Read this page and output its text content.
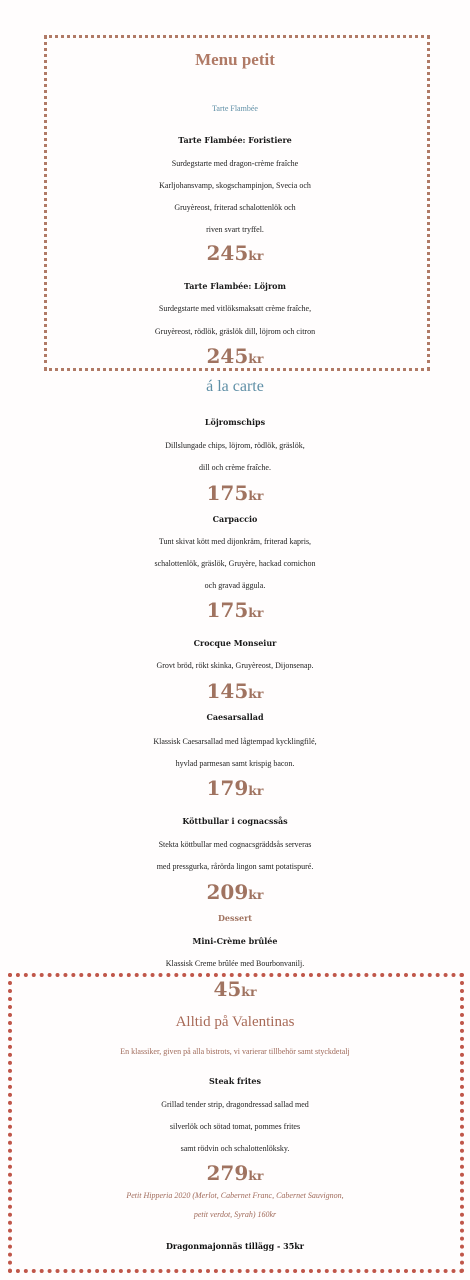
Menu petit
Tarte Flambée
Tarte Flambée: Foristiere
Surdegstarte med dragon-crème fraîche
Karljohansvamp, skogschampinjon, Svecia och
Gruyèreost, friterad schalottenlök och
riven svart tryffel.
245kr
Tarte Flambée: Löjrom
Surdegstarte med vitlöksmaksatt crème fraîche,
Gruyèreost, rödlök, gräslök dill, löjrom och citron
245kr
á la carte
Löjromschips
Dillslungade chips, löjrom, rödlök, gräslök,
dill och crème fraîche.
175kr
Carpaccio
Tunt skivat kött med dijonkräm, friterad kapris,
schalottenlök, gräslök, Gruyère, hackad cornichon
och gravad äggula.
175kr
Crocque Monseiur
Grovt bröd, rökt skinka, Gruyèreost, Dijonsenap.
145kr
Caesarsallad
Klassisk Caesarsallad med lågtempad kycklingfilé,
hyvlad parmesan samt krispig bacon.
179kr
Köttbullar i cognacssås
Stekta köttbullar med cognacsgräddsås serveras
med pressgurka, rårörda lingon samt potatispuré.
209kr
Dessert
Mini-Crème brûlée
Klassisk Creme brûlée med Bourbonvanilj.
45kr
Alltid på Valentinas
En klassiker, given på alla bistrots, vi varierar tillbehör samt styckdetalj
Steak frites
Grillad tender strip, dragondressad sallad med
silverlök och sötad tomat, pommes frites
samt rödvin och schalottenlöksky.
279kr
Petit Hipperia 2020 (Merlot, Cabernet Franc, Cabernet Sauvignon,
petit verdot, Syrah) 160kr
Dragonmajonnäs tillägg - 35kr
